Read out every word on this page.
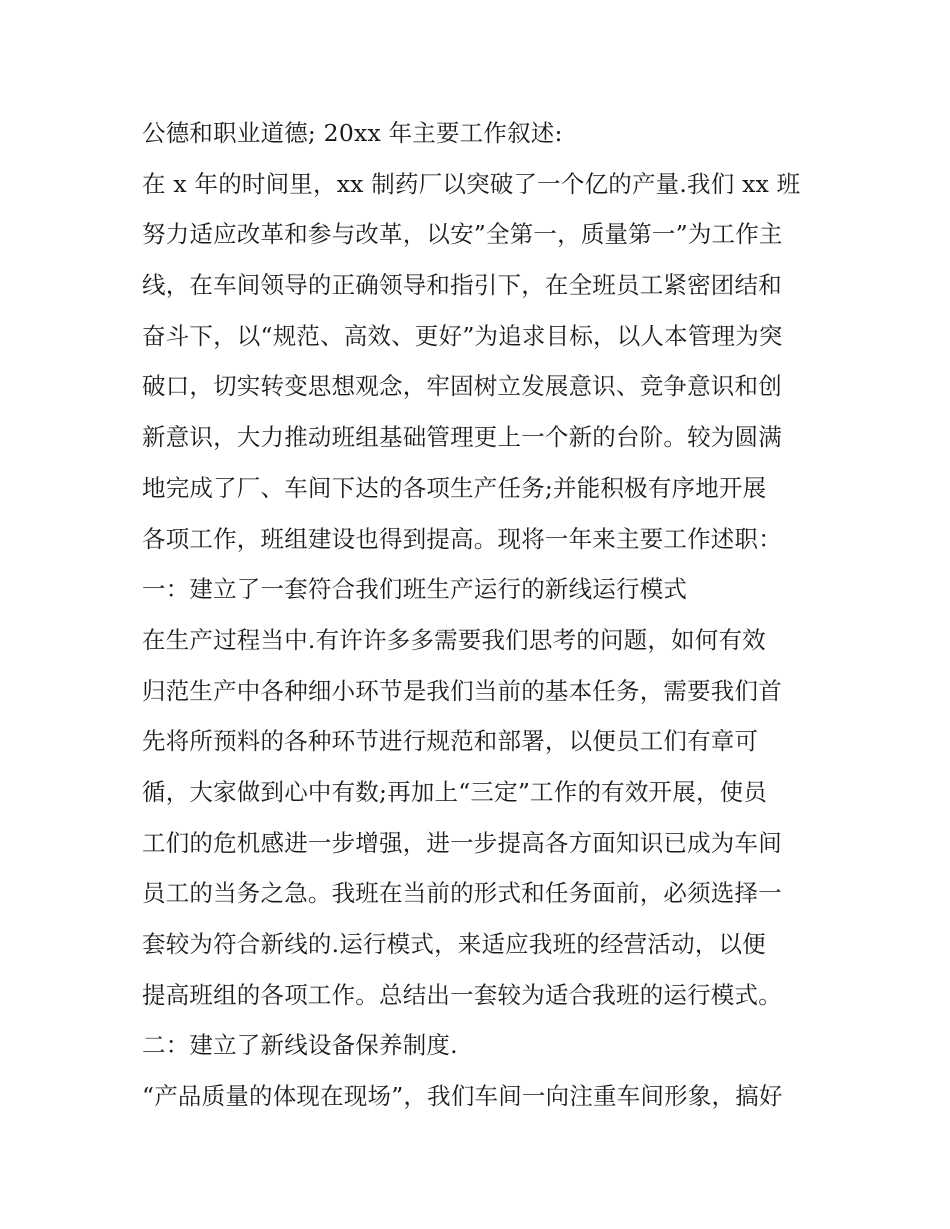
公德和职业道德; 20xx 年主要工作叙述:
在 x 年的时间里，xx 制药厂以突破了一个亿的产量.我们 xx 班
努力适应改革和参与改革，以安”全第一，质量第一”为工作主
线，在车间领导的正确领导和指引下，在全班员工紧密团结和
奋斗下，以“规范、高效、更好”为追求目标，以人本管理为突
破口，切实转变思想观念，牢固树立发展意识、竞争意识和创
新意识，大力推动班组基础管理更上一个新的台阶。较为圆满
地完成了厂、车间下达的各项生产任务;并能积极有序地开展
各项工作，班组建设也得到提高。现将一年来主要工作述职：
一：建立了一套符合我们班生产运行的新线运行模式
在生产过程当中.有许许多多需要我们思考的问题，如何有效
归范生产中各种细小环节是我们当前的基本任务，需要我们首
先将所预料的各种环节进行规范和部署，以便员工们有章可
循，大家做到心中有数;再加上“三定”工作的有效开展，使员
工们的危机感进一步增强，进一步提高各方面知识已成为车间
员工的当务之急。我班在当前的形式和任务面前，必须选择一
套较为符合新线的.运行模式，来适应我班的经营活动，以便
提高班组的各项工作。总结出一套较为适合我班的运行模式。
二：建立了新线设备保养制度.
“产品质量的体现在现场”，我们车间一向注重车间形象，搞好
